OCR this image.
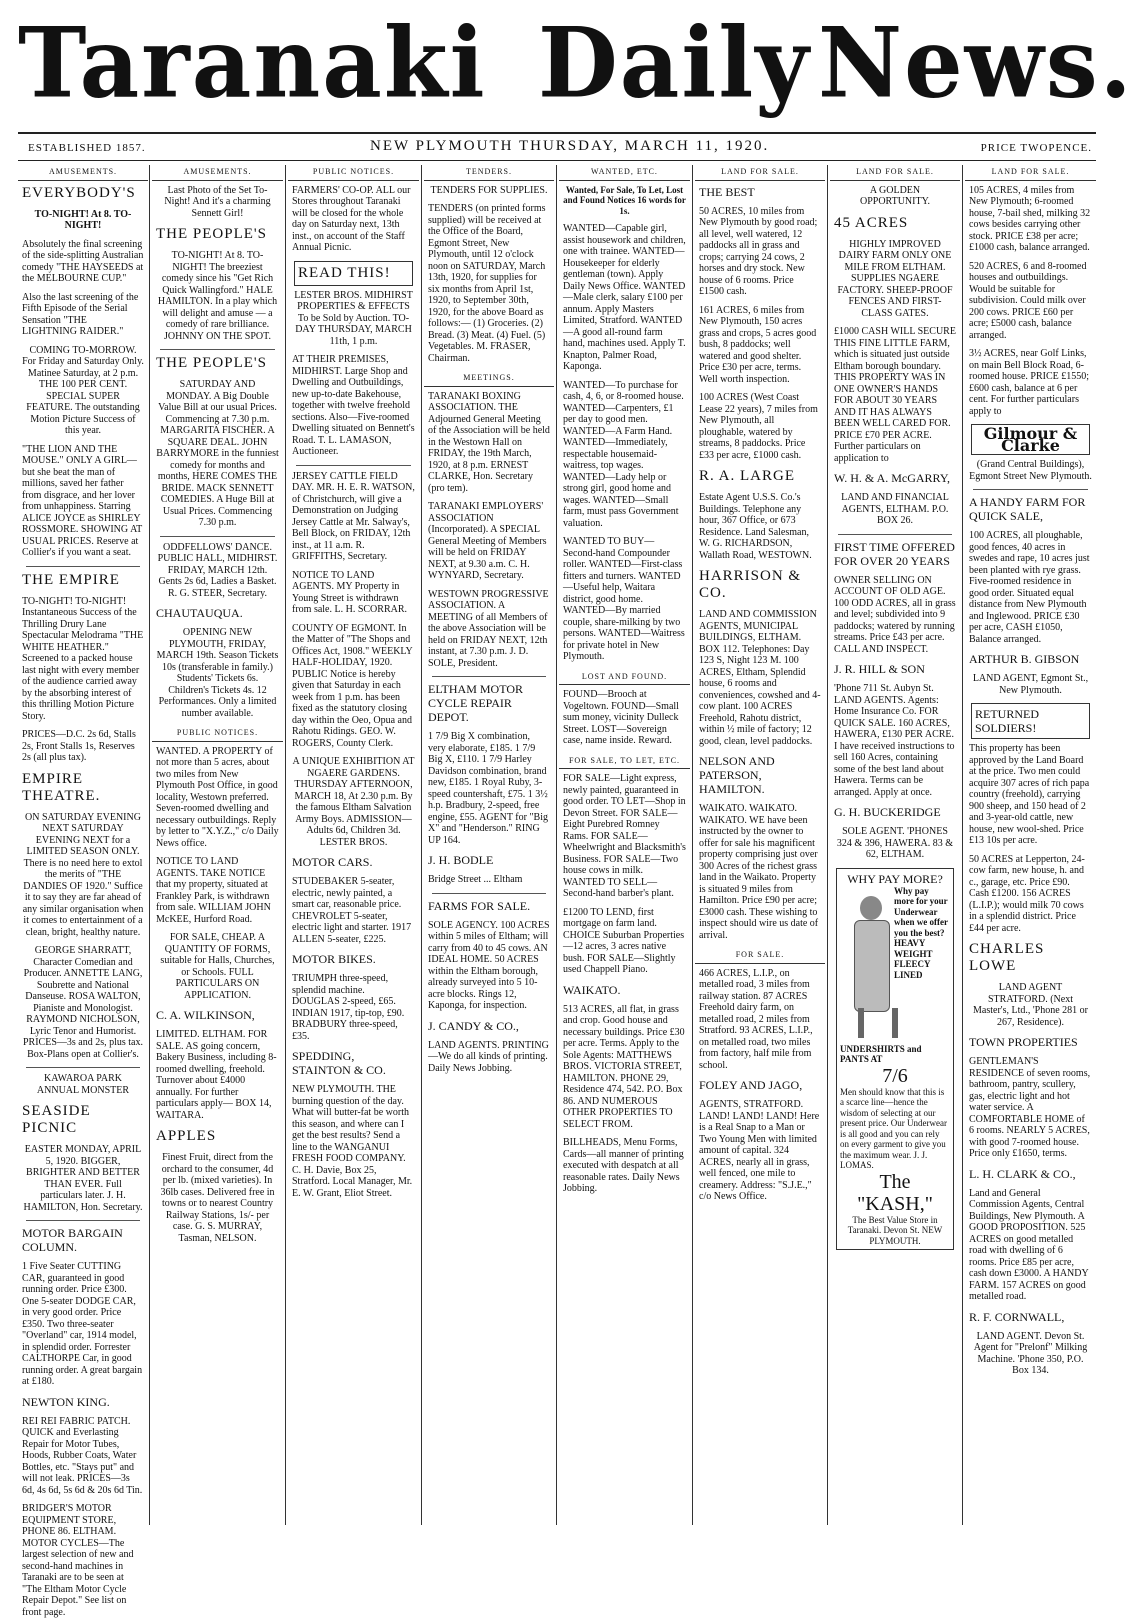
Taranaki Daily News.
ESTABLISHED 1857.	NEW PLYMOUTH THURSDAY, MARCH 11, 1920.	PRICE TWOPENCE.
AMUSEMENTS.
EVERYBODY'S
TO-NIGHT! At 8. TO-NIGHT!
Absolutely the final screening of the side-splitting Australian comedy "THE HAYSEEDS at the MELBOURNE CUP."
Also the last screening of the Fifth Episode of the Serial Sensation "THE LIGHTNING RAIDER."
COMING TO-MORROW. For Friday and Saturday Only. Matinee Saturday, at 2 p.m. THE 100 PER CENT. SPECIAL SUPER FEATURE. The outstanding Motion Picture Success of this year.
"THE LION AND THE MOUSE." ONLY A GIRL—but she beat the man of millions, saved her father from disgrace, and her lover from unhappiness. Starring ALICE JOYCE as SHIRLEY ROSSMORE. SHOWING AT USUAL PRICES. Reserve at Collier's if you want a seat.
THE EMPIRE
TO-NIGHT! TO-NIGHT! Instantaneous Success of the Thrilling Drury Lane Spectacular Melodrama "THE WHITE HEATHER." Screened to a packed house last night with every member of the audience carried away by the absorbing interest of this thrilling Motion Picture Story.
PRICES—D.C. 2s 6d, Stalls 2s, Front Stalls 1s, Reserves 2s (all plus tax).
EMPIRE THEATRE.
ON SATURDAY EVENING NEXT SATURDAY EVENING NEXT for a LIMITED SEASON ONLY. There is no need here to extol the merits of "THE DANDIES OF 1920." Suffice it to say they are far ahead of any similar organisation when it comes to entertainment of a clean, bright, healthy nature.
GEORGE SHARRATT, Character Comedian and Producer. ANNETTE LANG, Soubrette and National Danseuse. ROSA WALTON, Pianiste and Monologist. RAYMOND NICHOLSON, Lyric Tenor and Humorist. PRICES—3s and 2s, plus tax. Box-Plans open at Collier's.
KAWAROA PARK ANNUAL MONSTER
SEASIDE PICNIC
EASTER MONDAY, APRIL 5, 1920. BIGGER, BRIGHTER AND BETTER THAN EVER. Full particulars later. J. H. HAMILTON, Hon. Secretary.
MOTOR BARGAIN COLUMN.
1 Five Seater CUTTING CAR, guaranteed in good running order. Price £300. One 5-seater DODGE CAR, in very good order. Price £350. Two three-seater "Overland" car, 1914 model, in splendid order. Forrester CALTHORPE Car, in good running order. A great bargain at £180.
NEWTON KING.
REI REI FABRIC PATCH. QUICK and Everlasting Repair for Motor Tubes, Hoods, Rubber Coats, Water Bottles, etc. "Stays put" and will not leak. PRICES—3s 6d, 4s 6d, 5s 6d & 20s 6d Tin.
BRIDGER'S MOTOR EQUIPMENT STORE, PHONE 86. ELTHAM. MOTOR CYCLES—The largest selection of new and second-hand machines in Taranaki are to be seen at "The Eltham Motor Cycle Repair Depot." See list on front page.
AMUSEMENTS.
Last Photo of the Set To-Night! And it's a charming Sennett Girl!
THE PEOPLE'S
TO-NIGHT! At 8. TO-NIGHT! The breeziest comedy since his "Get Rich Quick Wallingford." HALE HAMILTON. In a play which will delight and amuse — a comedy of rare brilliance. JOHNNY ON THE SPOT.
THE PEOPLE'S
SATURDAY AND MONDAY. A Big Double Value Bill at our usual Prices. Commencing at 7.30 p.m. MARGARITA FISCHER. A SQUARE DEAL. JOHN BARRYMORE in the funniest comedy for months and months, HERE COMES THE BRIDE. MACK SENNETT COMEDIES. A Huge Bill at Usual Prices. Commencing 7.30 p.m.
ODDFELLOWS' DANCE. PUBLIC HALL, MIDHIRST. FRIDAY, MARCH 12th. Gents 2s 6d, Ladies a Basket. R. G. STEER, Secretary.
CHAUTAUQUA.
OPENING NEW PLYMOUTH, FRIDAY, MARCH 19th. Season Tickets 10s (transferable in family.) Students' Tickets 6s. Children's Tickets 4s. 12 Performances. Only a limited number available.
PUBLIC NOTICES.
WANTED. A PROPERTY of not more than 5 acres, about two miles from New Plymouth Post Office, in good locality, Westown preferred. Seven-roomed dwelling and necessary outbuildings. Reply by letter to "X.Y.Z.," c/o Daily News office.
NOTICE TO LAND AGENTS. TAKE NOTICE that my property, situated at Frankley Park, is withdrawn from sale. WILLIAM JOHN McKEE, Hurford Road.
FOR SALE, CHEAP. A QUANTITY OF FORMS, suitable for Halls, Churches, or Schools. FULL PARTICULARS ON APPLICATION.
C. A. WILKINSON,
LIMITED. ELTHAM. FOR SALE. AS going concern, Bakery Business, including 8-roomed dwelling, freehold. Turnover about £4000 annually. For further particulars apply— BOX 14, WAITARA.
APPLES
Finest Fruit, direct from the orchard to the consumer, 4d per lb. (mixed varieties). In 36lb cases. Delivered free in towns or to nearest Country Railway Stations, 1s/- per case. G. S. MURRAY, Tasman, NELSON.
PUBLIC NOTICES.
FARMERS' CO-OP. ALL our Stores throughout Taranaki will be closed for the whole day on Saturday next, 13th inst., on account of the Staff Annual Picnic.
READ THIS!
LESTER BROS. MIDHIRST PROPERTIES & EFFECTS To be Sold by Auction. TO-DAY THURSDAY, MARCH 11th, 1 p.m.
AT THEIR PREMISES, MIDHIRST. Large Shop and Dwelling and Outbuildings, new up-to-date Bakehouse, together with twelve freehold sections. Also—Five-roomed Dwelling situated on Bennett's Road. T. L. LAMASON, Auctioneer.
JERSEY CATTLE FIELD DAY. MR. H. E. R. WATSON, of Christchurch, will give a Demonstration on Judging Jersey Cattle at Mr. Salway's, Bell Block, on FRIDAY, 12th inst., at 11 a.m. R. GRIFFITHS, Secretary.
NOTICE TO LAND AGENTS. MY Property in Young Street is withdrawn from sale. L. H. SCORRAR.
COUNTY OF EGMONT. In the Matter of "The Shops and Offices Act, 1908." WEEKLY HALF-HOLIDAY, 1920. PUBLIC Notice is hereby given that Saturday in each week from 1 p.m. has been fixed as the statutory closing day within the Oeo, Opua and Rahotu Ridings. GEO. W. ROGERS, County Clerk.
A UNIQUE EXHIBITION AT NGAERE GARDENS. THURSDAY AFTERNOON, MARCH 18, At 2.30 p.m. By the famous Eltham Salvation Army Boys. ADMISSION—Adults 6d, Children 3d. LESTER BROS.
MOTOR CARS.
STUDEBAKER 5-seater, electric, newly painted, a smart car, reasonable price. CHEVROLET 5-seater, electric light and starter. 1917 ALLEN 5-seater, £225.
MOTOR BIKES.
TRIUMPH three-speed, splendid machine. DOUGLAS 2-speed, £65. INDIAN 1917, tip-top, £90. BRADBURY three-speed, £35.
SPEDDING, STAINTON & CO.
NEW PLYMOUTH. THE burning question of the day. What will butter-fat be worth this season, and where can I get the best results? Send a line to the WANGANUI FRESH FOOD COMPANY. C. H. Davie, Box 25, Stratford. Local Manager, Mr. E. W. Grant, Eliot Street.
TENDERS.
TENDERS FOR SUPPLIES.
TENDERS (on printed forms supplied) will be received at the Office of the Board, Egmont Street, New Plymouth, until 12 o'clock noon on SATURDAY, March 13th, 1920, for supplies for six months from April 1st, 1920, to September 30th, 1920, for the above Board as follows:— (1) Groceries. (2) Bread. (3) Meat. (4) Fuel. (5) Vegetables. M. FRASER, Chairman.
MEETINGS.
TARANAKI BOXING ASSOCIATION. THE Adjourned General Meeting of the Association will be held in the Westown Hall on FRIDAY, the 19th March, 1920, at 8 p.m. ERNEST CLARKE, Hon. Secretary (pro tem).
TARANAKI EMPLOYERS' ASSOCIATION (Incorporated). A SPECIAL General Meeting of Members will be held on FRIDAY NEXT, at 9.30 a.m. C. H. WYNYARD, Secretary.
WESTOWN PROGRESSIVE ASSOCIATION. A MEETING of all Members of the above Association will be held on FRIDAY NEXT, 12th instant, at 7.30 p.m. J. D. SOLE, President.
ELTHAM MOTOR CYCLE REPAIR DEPOT.
1 7/9 Big X combination, very elaborate, £185. 1 7/9 Big X, £110. 1 7/9 Harley Davidson combination, brand new, £185. 1 Royal Ruby, 3-speed countershaft, £75. 1 3½ h.p. Bradbury, 2-speed, free engine, £55. AGENT for "Big X" and "Henderson." RING UP 164.
J. H. BODLE
Bridge Street ... Eltham
FARMS FOR SALE.
SOLE AGENCY. 100 ACRES within 5 miles of Eltham; will carry from 40 to 45 cows. AN IDEAL HOME. 50 ACRES within the Eltham borough, already surveyed into 5 10-acre blocks. Rings 12, Kaponga, for inspection.
J. CANDY & CO.,
LAND AGENTS. PRINTING—We do all kinds of printing. Daily News Jobbing.
WANTED, ETC.
Wanted, For Sale, To Let, Lost and Found Notices 16 words for 1s.
WANTED—Capable girl, assist housework and children, one with trainee. WANTED—Housekeeper for elderly gentleman (town). Apply Daily News Office. WANTED—Male clerk, salary £100 per annum. Apply Masters Limited, Stratford. WANTED—A good all-round farm hand, machines used. Apply T. Knapton, Palmer Road, Kaponga.
WANTED—To purchase for cash, 4, 6, or 8-roomed house. WANTED—Carpenters, £1 per day to good men. WANTED—A Farm Hand. WANTED—Immediately, respectable housemaid-waitress, top wages. WANTED—Lady help or strong girl, good home and wages. WANTED—Small farm, must pass Government valuation.
WANTED TO BUY—Second-hand Compounder roller. WANTED—First-class fitters and turners. WANTED—Useful help, Waitara district, good home. WANTED—By married couple, share-milking by two persons. WANTED—Waitress for private hotel in New Plymouth.
LOST AND FOUND.
FOUND—Brooch at Vogeltown. FOUND—Small sum money, vicinity Dulleck Street. LOST—Sovereign case, name inside. Reward.
FOR SALE, TO LET, ETC.
FOR SALE—Light express, newly painted, guaranteed in good order. TO LET—Shop in Devon Street. FOR SALE—Eight Purebred Romney Rams. FOR SALE—Wheelwright and Blacksmith's Business. FOR SALE—Two house cows in milk. WANTED TO SELL—Second-hand barber's plant.
£1200 TO LEND, first mortgage on farm land. CHOICE Suburban Properties—12 acres, 3 acres native bush. FOR SALE—Slightly used Chappell Piano.
WAIKATO.
513 ACRES, all flat, in grass and crop. Good house and necessary buildings. Price £30 per acre. Terms. Apply to the Sole Agents: MATTHEWS BROS. VICTORIA STREET, HAMILTON. PHONE 29, Residence 474, 542. P.O. Box 86. AND NUMEROUS OTHER PROPERTIES TO SELECT FROM.
BILLHEADS, Menu Forms, Cards—all manner of printing executed with despatch at all reasonable rates. Daily News Jobbing.
LAND FOR SALE.
THE BEST
50 ACRES, 10 miles from New Plymouth by good road; all level, well watered, 12 paddocks all in grass and crops; carrying 24 cows, 2 horses and dry stock. New house of 6 rooms. Price £1500 cash.
161 ACRES, 6 miles from New Plymouth, 150 acres grass and crops, 5 acres good bush, 8 paddocks; well watered and good shelter. Price £30 per acre, terms. Well worth inspection.
100 ACRES (West Coast Lease 22 years), 7 miles from New Plymouth, all ploughable, watered by streams, 8 paddocks. Price £33 per acre, £1000 cash.
R. A. LARGE
Estate Agent U.S.S. Co.'s Buildings. Telephone any hour, 367 Office, or 673 Residence. Land Salesman, W. G. RICHARDSON, Wallath Road, WESTOWN.
HARRISON & CO.
LAND AND COMMISSION AGENTS, MUNICIPAL BUILDINGS, ELTHAM. BOX 112. Telephones: Day 123 S, Night 123 M. 100 ACRES, Eltham, Splendid house, 6 rooms and conveniences, cowshed and 4-cow plant. 100 ACRES Freehold, Rahotu district, within ½ mile of factory; 12 good, clean, level paddocks.
NELSON AND PATERSON, HAMILTON.
WAIKATO. WAIKATO. WAIKATO. WE have been instructed by the owner to offer for sale his magnificent property comprising just over 300 Acres of the richest grass land in the Waikato. Property is situated 9 miles from Hamilton. Price £90 per acre; £3000 cash. These wishing to inspect should wire us date of arrival.
FOR SALE.
466 ACRES, L.I.P., on metalled road, 3 miles from railway station. 87 ACRES Freehold dairy farm, on metalled road, 2 miles from Stratford. 93 ACRES, L.I.P., on metalled road, two miles from factory, half mile from school.
FOLEY AND JAGO,
AGENTS, STRATFORD. LAND! LAND! LAND! Here is a Real Snap to a Man or Two Young Men with limited amount of capital. 324 ACRES, nearly all in grass, well fenced, one mile to creamery. Address: "S.J.E.," c/o News Office.
LAND FOR SALE.
A GOLDEN OPPORTUNITY.
45 ACRES
HIGHLY IMPROVED DAIRY FARM ONLY ONE MILE FROM ELTHAM. SUPPLIES NGAERE FACTORY. SHEEP-PROOF FENCES AND FIRST-CLASS GATES.
£1000 CASH WILL SECURE THIS FINE LITTLE FARM, which is situated just outside Eltham borough boundary. THIS PROPERTY WAS IN ONE OWNER'S HANDS FOR ABOUT 30 YEARS AND IT HAS ALWAYS BEEN WELL CARED FOR. PRICE £70 PER ACRE. Further particulars on application to
W. H. & A. McGARRY,
LAND AND FINANCIAL AGENTS, ELTHAM. P.O. BOX 26.
FIRST TIME OFFERED FOR OVER 20 YEARS
OWNER SELLING ON ACCOUNT OF OLD AGE. 100 ODD ACRES, all in grass and level; subdivided into 9 paddocks; watered by running streams. Price £43 per acre. CALL AND INSPECT.
J. R. HILL & SON
'Phone 711 St. Aubyn St. LAND AGENTS. Agents: Home Insurance Co. FOR QUICK SALE. 160 ACRES, HAWERA, £130 PER ACRE. I have received instructions to sell 160 Acres, containing some of the best land about Hawera. Terms can be arranged. Apply at once.
G. H. BUCKERIDGE
SOLE AGENT. 'PHONES 324 & 396, HAWERA. 83 & 62, ELTHAM.
WHY PAY MORE?
Why pay more for your Underwear when we offer you the best? HEAVY WEIGHT FLEECY LINED UNDERSHIRTS and PANTS AT
7/6
Men should know that this is a scarce line—hence the wisdom of selecting at our present price. Our Underwear is all good and you can rely on every garment to give you the maximum wear. J. J. LOMAS.
The "KASH,"
The Best Value Store in Taranaki. Devon St. NEW PLYMOUTH.
LAND FOR SALE.
105 ACRES, 4 miles from New Plymouth; 6-roomed house, 7-bail shed, milking 32 cows besides carrying other stock. PRICE £38 per acre; £1000 cash, balance arranged.
520 ACRES, 6 and 8-roomed houses and outbuildings. Would be suitable for subdivision. Could milk over 200 cows. PRICE £60 per acre; £5000 cash, balance arranged.
3½ ACRES, near Golf Links, on main Bell Block Road, 6-roomed house. PRICE £1550; £600 cash, balance at 6 per cent. For further particulars apply to
Gilmour & Clarke
(Grand Central Buildings), Egmont Street New Plymouth.
A HANDY FARM FOR QUICK SALE,
100 ACRES, all ploughable, good fences, 40 acres in swedes and rape, 10 acres just been planted with rye grass. Five-roomed residence in good order. Situated equal distance from New Plymouth and Inglewood. PRICE £30 per acre, CASH £1050, Balance arranged.
ARTHUR B. GIBSON
LAND AGENT, Egmont St., New Plymouth.
RETURNED SOLDIERS!
This property has been approved by the Land Board at the price. Two men could acquire 307 acres of rich papa country (freehold), carrying 900 sheep, and 150 head of 2 and 3-year-old cattle, new house, new wool-shed. Price £13 10s per acre.
50 ACRES at Lepperton, 24-cow farm, new house, h. and c., garage, etc. Price £90. Cash £1200. 156 ACRES (L.I.P.); would milk 70 cows in a splendid district. Price £44 per acre.
CHARLES LOWE
LAND AGENT STRATFORD. (Next Master's, Ltd., 'Phone 281 or 267, Residence).
TOWN PROPERTIES
GENTLEMAN'S RESIDENCE of seven rooms, bathroom, pantry, scullery, gas, electric light and hot water service. A COMFORTABLE HOME of 6 rooms. NEARLY 5 ACRES, with good 7-roomed house. Price only £1650, terms.
L. H. CLARK & CO.,
Land and General Commission Agents, Central Buildings, New Plymouth. A GOOD PROPOSITION. 525 ACRES on good metalled road with dwelling of 6 rooms. Price £85 per acre, cash down £3000. A HANDY FARM. 157 ACRES on good metalled road.
R. F. CORNWALL,
LAND AGENT. Devon St. Agent for "Prelonf" Milking Machine. 'Phone 350, P.O. Box 134.
